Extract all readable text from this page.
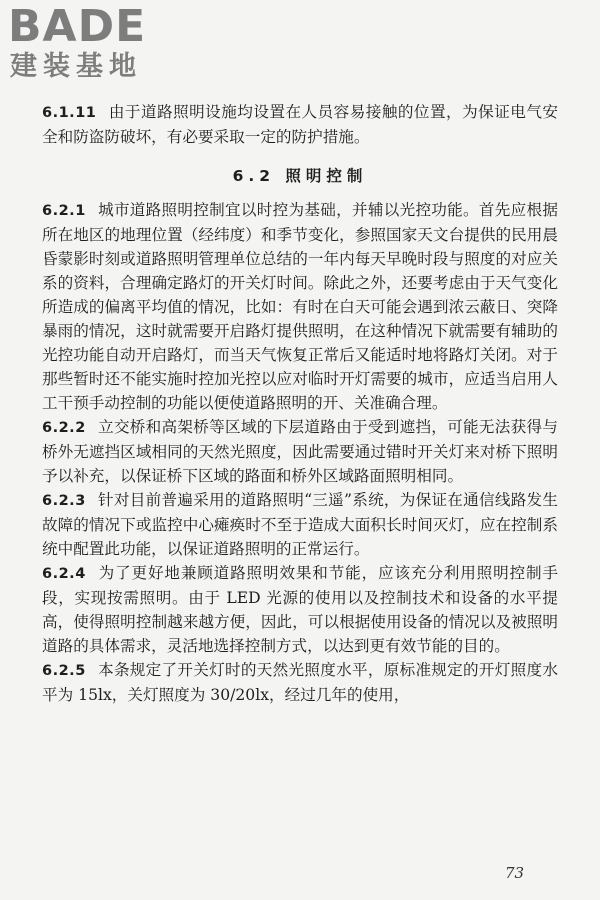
BADE
建装基地

6.1.11 由于道路照明设施均设置在人员容易接触的位置，为保证电气安全和防盗防破坏，有必要采取一定的防护措施。

6.2 照明控制

6.2.1 城市道路照明控制宜以时控为基础，并辅以光控功能。首先应根据所在地区的地理位置（经纬度）和季节变化，参照国家天文台提供的民用晨昏蒙影时刻或道路照明管理单位总结的一年内每天早晚时段与照度的对应关系的资料，合理确定路灯的开关灯时间。除此之外，还要考虑由于天气变化所造成的偏离平均值的情况，比如：有时在白天可能会遇到浓云蔽日、突降暴雨的情况，这时就需要开启路灯提供照明，在这种情况下就需要有辅助的光控功能自动开启路灯，而当天气恢复正常后又能适时地将路灯关闭。对于那些暂时还不能实施时控加光控以应对临时开灯需要的城市，应适当启用人工干预手动控制的功能以便使道路照明的开、关准确合理。

6.2.2 立交桥和高架桥等区域的下层道路由于受到遮挡，可能无法获得与桥外无遮挡区域相同的天然光照度，因此需要通过错时开关灯来对桥下照明予以补充，以保证桥下区域的路面和桥外区域路面照明相同。

6.2.3 针对目前普遍采用的道路照明“三遥”系统，为保证在通信线路发生故障的情况下或监控中心瘫痪时不至于造成大面积长时间灭灯，应在控制系统中配置此功能，以保证道路照明的正常运行。

6.2.4 为了更好地兼顾道路照明效果和节能，应该充分利用照明控制手段，实现按需照明。由于 LED 光源的使用以及控制技术和设备的水平提高，使得照明控制越来越方便，因此，可以根据使用设备的情况以及被照明道路的具体需求，灵活地选择控制方式，以达到更有效节能的目的。

6.2.5 本条规定了开关灯时的天然光照度水平，原标准规定的开灯照度水平为 15lx，关灯照度为 30/20lx，经过几年的使用，

73
